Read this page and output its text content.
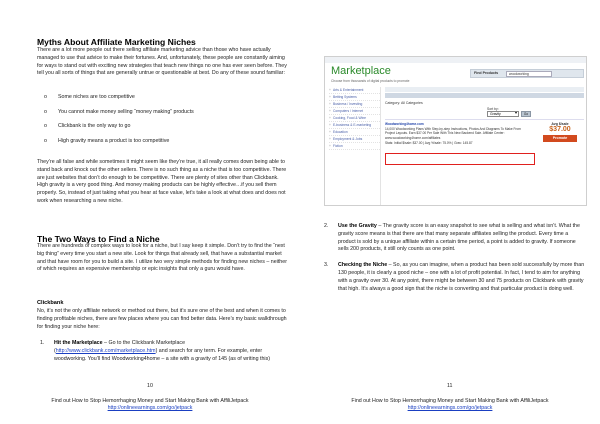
Myths About Affiliate Marketing Niches
There are a lot more people out there selling affiliate marketing advice than those who have actually managed to use that advice to make their fortunes. And, unfortunately, these people are constantly aiming for ways to stand out with exciting new strategies that teach new things no one has ever seen before. They tell you all sorts of things that are generally untrue or questionable at best. Do any of these sound familiar:
o Some niches are too competitive
o You cannot make money selling “money making” products
o Clickbank is the only way to go
o High gravity means a product is too competitive
They’re all false and while sometimes it might seem like they’re true, it all really comes down being able to stand back and knock out the other sellers. There is no such thing as a niche that is too competitive. There are just websites that don’t do enough to be competitive. There are plenty of sites other than Clickbank. High gravity is a very good thing. And money making products can be highly effective…if you sell them properly. So, instead of just taking what you hear at face value, let’s take a look at what does and does not work when researching a new niche.
The Two Ways to Find a Niche
There are hundreds of complex ways to look for a niche, but I say keep it simple. Don’t try to find the “next big thing” every time you start a new site. Look for things that already sell, that have a substantial market and that have room for you to build a site. I utilize two very simple methods for finding new niches – neither of which requires an expensive membership or epic insights that only a guru would have.
Clickbank
No, it’s not the only affiliate network or method out there, but it’s sure one of the best and when it comes to finding profitable niches, there are few places where you can find better data. Here’s my basic walkthrough for finding your niche here:
1. Hit the Marketplace – Go to the Clickbank Marketplace (http://www.clickbank.com/marketplace.htm) and search for any term. For example, enter woodworking. You’ll find Woodworking4home – a site with a gravity of 145 (as of writing this)
10
Find out How to Stop Hemorrhaging Money and Start Making Bank with AffiliJetpack
http://onlineearnings.com/go/jetpack
Marketplace
Choose from thousands of digital products to promote
Find Products	woodworking
+ Arts & Entertainment
+ Betting Systems
+ Business / Investing
+ Computers / Internet
+ Cooking, Food & Wine
+ E-business & E-marketing
+ Education
+ Employment & Jobs
+ Fiction
Category: All Categories
Sort by:
Gravity ▾	Go
Woodworking4home.com
14,000 Woodworking Plans With Step-by-step Instructions, Photos And Diagrams To Make From Project Layouts. Earn $37.00 Per Sale With This New Backend Sale. Affiliate Center: www.woodworking4home.com/affiliates
Stats: Initial $/sale: $37.00 | Avg %/sale: 75.0% | Grav: 145.87
Avg $/sale
$37.00
Promote
2. Use the Gravity – The gravity score is an easy snapshot to see what is selling and what isn’t. What the gravity score means is that there are that many separate affiliates selling the product. Every time a product is sold by a unique affiliate within a certain time period, a point is added to gravity. If someone sells 200 products, it still only counts as one point.
3. Checking the Niche – So, as you can imagine, when a product has been sold successfully by more than 130 people, it is clearly a good niche – one with a lot of profit potential. In fact, I tend to aim for anything with a gravity over 30. At any point, there might be between 30 and 75 products on Clickbank with gravity that high. It’s always a good sign that the niche is converting and that particular product is doing well.
11
Find out How to Stop Hemorrhaging Money and Start Making Bank with AffiliJetpack
http://onlineearnings.com/go/jetpack
